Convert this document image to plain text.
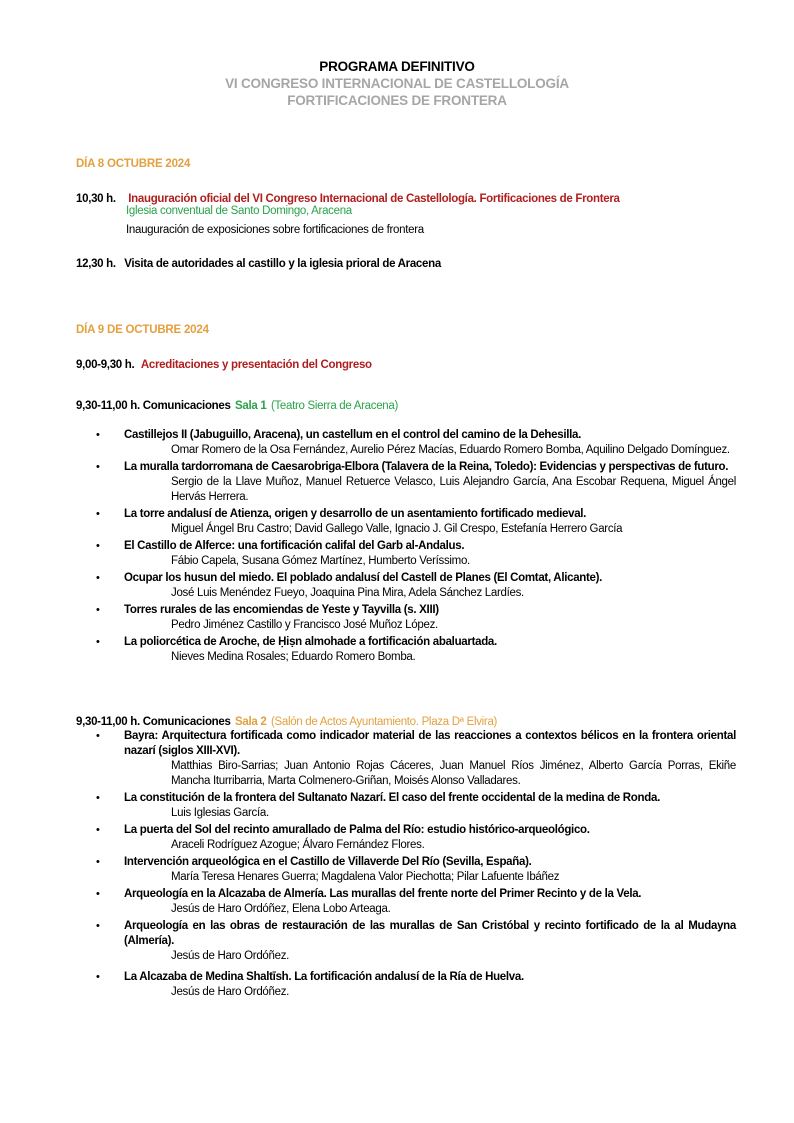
PROGRAMA DEFINITIVO
VI CONGRESO INTERNACIONAL DE CASTELLOLOGÍA
FORTIFICACIONES DE FRONTERA
DÍA 8 OCTUBRE 2024
10,30 h. Inauguración oficial del VI Congreso Internacional de Castellología. Fortificaciones de Frontera
Iglesia conventual de Santo Domingo, Aracena
Inauguración de exposiciones sobre fortificaciones de frontera
12,30 h. Visita de autoridades al castillo y la iglesia prioral de Aracena
DÍA 9 DE OCTUBRE 2024
9,00-9,30 h. Acreditaciones y presentación del Congreso
9,30-11,00 h. Comunicaciones Sala 1 (Teatro Sierra de Aracena)
• Castillejos II (Jabuguillo, Aracena), un castellum en el control del camino de la Dehesilla.
Omar Romero de la Osa Fernández, Aurelio Pérez Macías, Eduardo Romero Bomba, Aquilino Delgado Domínguez.
• La muralla tardorromana de Caesarobriga-Elbora (Talavera de la Reina, Toledo): Evidencias y perspectivas de futuro.
Sergio de la Llave Muñoz, Manuel Retuerce Velasco, Luis Alejandro García, Ana Escobar Requena, Miguel Ángel Hervás Herrera.
• La torre andalusí de Atienza, origen y desarrollo de un asentamiento fortificado medieval.
Miguel Ángel Bru Castro; David Gallego Valle, Ignacio J. Gil Crespo, Estefanía Herrero García
• El Castillo de Alferce: una fortificación califal del Garb al-Andalus.
Fábio Capela, Susana Gómez Martínez, Humberto Veríssimo.
• Ocupar los husun del miedo. El poblado andalusí del Castell de Planes (El Comtat, Alicante).
José Luis Menéndez Fueyo, Joaquina Pina Mira, Adela Sánchez Lardíes.
• Torres rurales de las encomiendas de Yeste y Tayvilla (s. XIII)
Pedro Jiménez Castillo y Francisco José Muñoz López.
• La poliorcética de Aroche, de Ḥiṣn almohade a fortificación abaluartada.
Nieves Medina Rosales; Eduardo Romero Bomba.
9,30-11,00 h. Comunicaciones Sala 2 (Salón de Actos Ayuntamiento. Plaza Dª Elvira)
• Bayra: Arquitectura fortificada como indicador material de las reacciones a contextos bélicos en la frontera oriental nazarí (siglos XIII-XVI).
Matthias Biro-Sarrias; Juan Antonio Rojas Cáceres, Juan Manuel Ríos Jiménez, Alberto García Porras, Ekiñe Mancha Iturribarria, Marta Colmenero-Griñan, Moisés Alonso Valladares.
• La constitución de la frontera del Sultanato Nazarí. El caso del frente occidental de la medina de Ronda.
Luis Iglesias García.
• La puerta del Sol del recinto amurallado de Palma del Río: estudio histórico-arqueológico.
Araceli Rodríguez Azogue; Álvaro Fernández Flores.
• Intervención arqueológica en el Castillo de Villaverde Del Río (Sevilla, España).
María Teresa Henares Guerra; Magdalena Valor Piechotta; Pilar Lafuente Ibáñez
• Arqueología en la Alcazaba de Almería. Las murallas del frente norte del Primer Recinto y de la Vela.
Jesús de Haro Ordóñez, Elena Lobo Arteaga.
• Arqueología en las obras de restauración de las murallas de San Cristóbal y recinto fortificado de la al Mudayna (Almería).
Jesús de Haro Ordóñez.
• La Alcazaba de Medina Shaltīsh. La fortificación andalusí de la Ría de Huelva.
Jesús de Haro Ordóñez.
